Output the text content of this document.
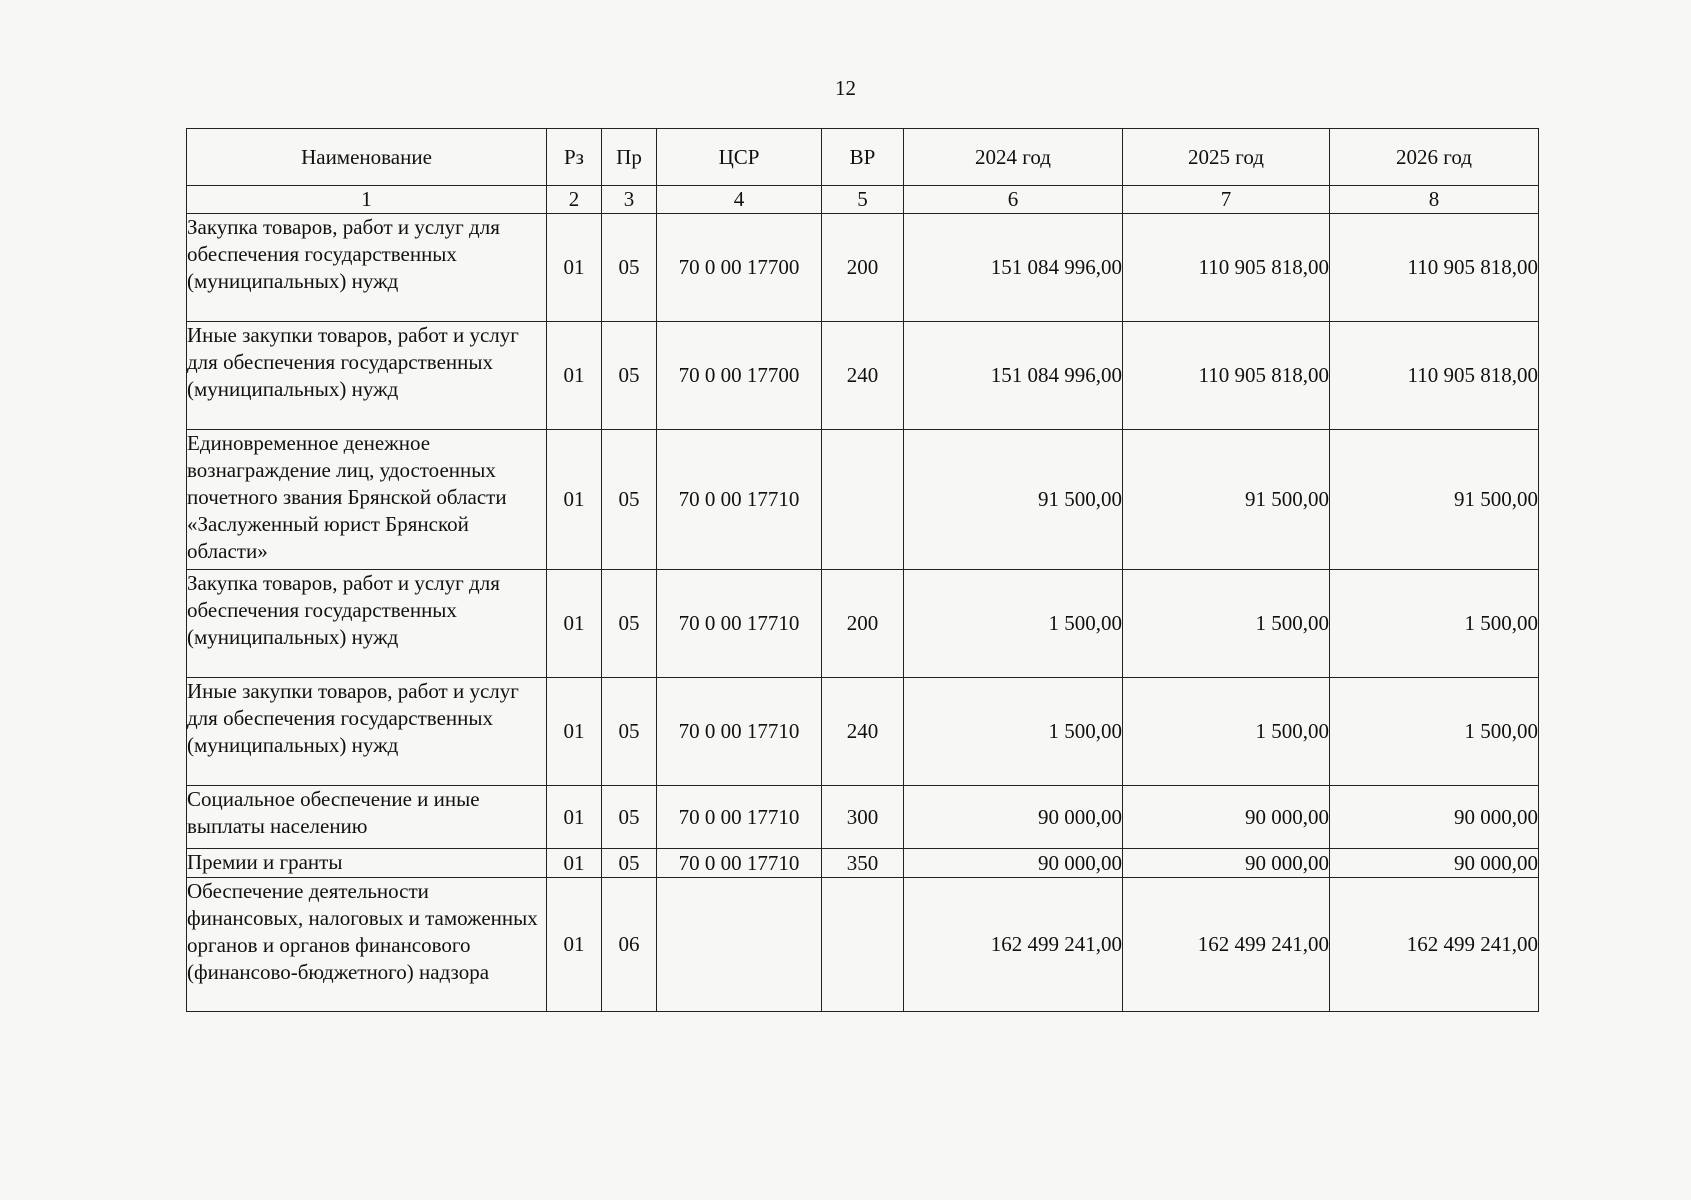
12
Наименование	Рз	Пр	ЦСР	ВР	2024 год	2025 год	2026 год
1	2	3	4	5	6	7	8
Закупка товаров, работ и услуг для обеспечения государственных (муниципальных) нужд	01	05	70 0 00 17700	200	151 084 996,00	110 905 818,00	110 905 818,00
Иные закупки товаров, работ и услуг для обеспечения государственных (муниципальных) нужд	01	05	70 0 00 17700	240	151 084 996,00	110 905 818,00	110 905 818,00
Единовременное денежное вознаграждение лиц, удостоенных почетного звания Брянской области «Заслуженный юрист Брянской области»	01	05	70 0 00 17710		91 500,00	91 500,00	91 500,00
Закупка товаров, работ и услуг для обеспечения государственных (муниципальных) нужд	01	05	70 0 00 17710	200	1 500,00	1 500,00	1 500,00
Иные закупки товаров, работ и услуг для обеспечения государственных (муниципальных) нужд	01	05	70 0 00 17710	240	1 500,00	1 500,00	1 500,00
Социальное обеспечение и иные выплаты населению	01	05	70 0 00 17710	300	90 000,00	90 000,00	90 000,00
Премии и гранты	01	05	70 0 00 17710	350	90 000,00	90 000,00	90 000,00
Обеспечение деятельности финансовых, налоговых и таможенных органов и органов финансового (финансово-бюджетного) надзора	01	06			162 499 241,00	162 499 241,00	162 499 241,00
